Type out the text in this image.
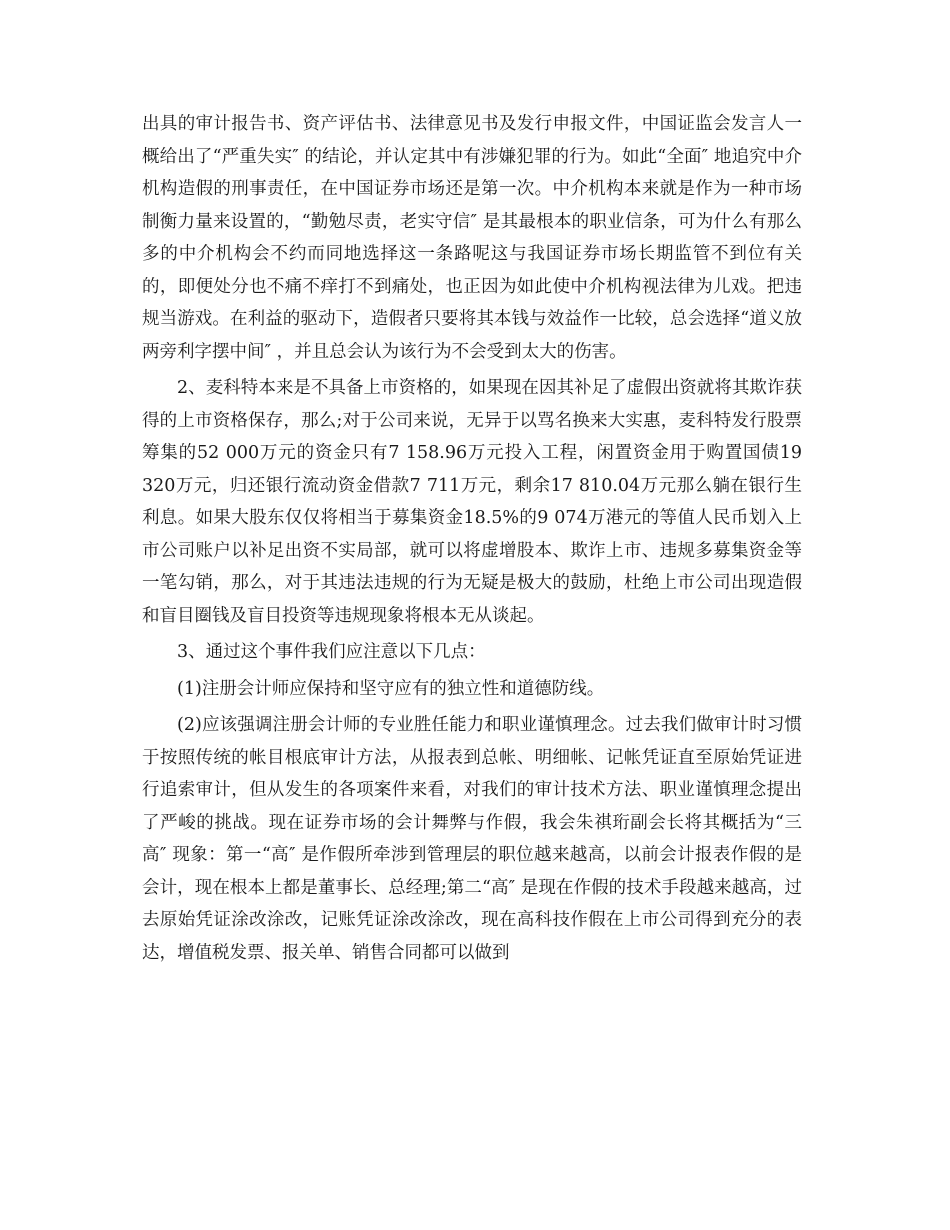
出具的审计报告书、资产评估书、法律意见书及发行申报文件，中国证监会发言人一概给出了“严重失实″ 的结论，并认定其中有涉嫌犯罪的行为。如此“全面″ 地追究中介机构造假的刑事责任，在中国证券市场还是第一次。中介机构本来就是作为一种市场制衡力量来设置的，“勤勉尽责，老实守信″ 是其最根本的职业信条，可为什么有那么多的中介机构会不约而同地选择这一条路呢这与我国证券市场长期监管不到位有关的，即便处分也不痛不痒打不到痛处，也正因为如此使中介机构视法律为儿戏。把违规当游戏。在利益的驱动下，造假者只要将其本钱与效益作一比较，总会选择“道义放两旁利字摆中间″ ，并且总会认为该行为不会受到太大的伤害。

2、麦科特本来是不具备上市资格的，如果现在因其补足了虚假出资就将其欺诈获得的上市资格保存，那么;对于公司来说，无异于以骂名换来大实惠，麦科特发行股票筹集的52 000万元的资金只有7 158.96万元投入工程，闲置资金用于购置国债19 320万元，归还银行流动资金借款7 711万元，剩余17 810.04万元那么躺在银行生利息。如果大股东仅仅将相当于募集资金18.5%的9 074万港元的等值人民币划入上市公司账户以补足出资不实局部，就可以将虚增股本、欺诈上市、违规多募集资金等一笔勾销，那么，对于其违法违规的行为无疑是极大的鼓励，杜绝上市公司出现造假和盲目圈钱及盲目投资等违规现象将根本无从谈起。

3、通过这个事件我们应注意以下几点：

(1)注册会计师应保持和坚守应有的独立性和道德防线。

(2)应该强调注册会计师的专业胜任能力和职业谨慎理念。过去我们做审计时习惯于按照传统的帐目根底审计方法，从报表到总帐、明细帐、记帐凭证直至原始凭证进行追索审计，但从发生的各项案件来看，对我们的审计技术方法、职业谨慎理念提出了严峻的挑战。现在证券市场的会计舞弊与作假，我会朱祺珩副会长将其概括为“三高″ 现象：第一“高″ 是作假所牵涉到管理层的职位越来越高，以前会计报表作假的是会计，现在根本上都是董事长、总经理;第二“高″ 是现在作假的技术手段越来越高，过去原始凭证涂改涂改，记账凭证涂改涂改，现在高科技作假在上市公司得到充分的表达，增值税发票、报关单、销售合同都可以做到
